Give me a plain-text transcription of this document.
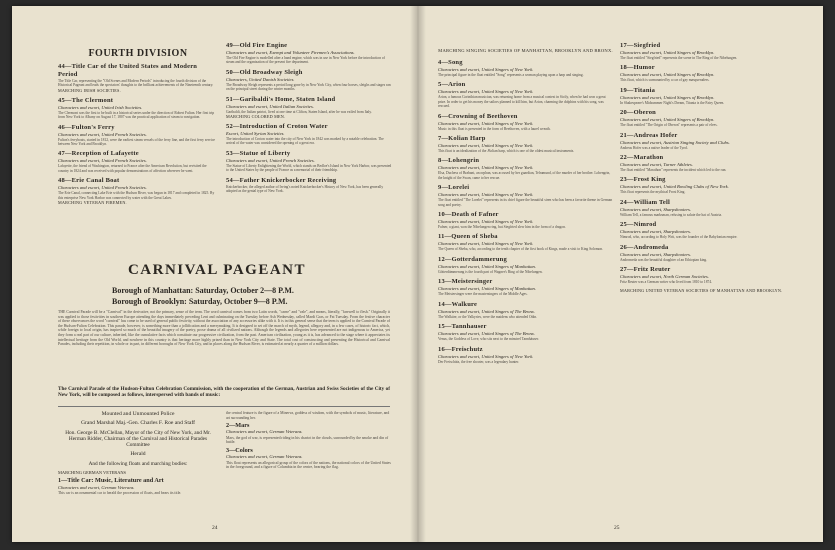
FOURTH DIVISION
44—Title Car of the United States and Modern Period
The Title Car, representing the "Old Scenes and Modern Periods" introducing the fourth division of the Historical Pageant and leads the spectators' thoughts to the brilliant achievements of the Nineteenth century.
MARCHING IRISH SOCIETIES.
45—The Clermont
Characters and escort, United Irish Societies.
The Clermont was the first to be built in a historical series under the direction of Robert Fulton. Her first trip from New York to Albany on August 17, 1807 was the practical application of steam to navigation.
46—Fulton's Ferry
Characters and escort, United French Societies.
Fulton's ferryboats, started in 1812, were the earliest steam vessels of the ferry line, and the first ferry service between New York and Brooklyn.
47—Reception of Lafayette
Characters and escort, United French Societies.
Lafayette, the friend of Washington, returned to France after the American Revolution, but revisited the country in 1824 and was received with popular demonstrations of affection wherever he went.
48—Erie Canal Boat
Characters and escort, United French Societies.
The Erie Canal, connecting Lake Erie with the Hudson River, was begun in 1817 and completed in 1825. By this enterprise New York Harbor was connected by water with the Great Lakes.
MARCHING VETERAN FIREMEN.
49—Old Fire Engine
Characters and escort, Exempt and Volunteer Firemen's Associations.
The Old Fire Engine is modelled after a hand engine, which was in use in New York before the introduction of steam and the organization of the present fire department.
50—Old Broadway Sleigh
Characters, United Danish Societies.
The Broadway Sleigh represents a period long gone by in New York City, when four horses, sleighs and stages ran on the principal street during the winter months.
51—Garibaldi's Home, Staten Island
Characters and escort, United Italian Societies.
Garibaldi, the Italian patriot, lived at one time at Clifton, Staten Island, after he was exiled from Italy.
MARCHING COLORED MEN.
52—Introduction of Croton Water
Escort, United Syrian Societies.
The introduction of Croton water into the city of New York in 1842 was marked by a notable celebration. The arrival of the water was considered the opening of a great era.
53—Statue of Liberty
Characters and escort, United French Societies.
The Statue of Liberty Enlightening the World, which stands on Bedloe's Island in New York Harbor, was presented to the United States by the people of France as a memorial of their friendship.
54—Father Knickerbocker Receiving
Knickerbocker, the alleged author of Irving's noted Knickerbocker's History of New York, has been generally adopted as the genial type of New York.
CARNIVAL PAGEANT
Borough of Manhattan: Saturday, October 2—8 P.M.
Borough of Brooklyn: Saturday, October 9—8 P.M.
THE Carnival Parade will be a "Carnival" in the derivative, not the primary, sense of the term. The word carnival comes from two Latin words, "carne" and "vale", and means, literally, "farewell to flesh." Originally it was applied to those festivities in southern Europe attending the days immediately preceding Lent and culminating on the Tuesday before Ash Wednesday, called Mardi Gras, or Fat Tuesday. From the festive character of these observances the word "carnival" has come to be used of general public festivity, without the association of any accessories alike with it. It is in this general sense that the term is applied to the Carnival Parade of the Hudson-Fulton Celebration. This parade, however, is something more than a jollification and a merrymaking. It is designed to set off the march of myth, legend, allegory and, in a few cases, of historic fact, which, while foreign to local origin, has inspired so much of the beautiful imagery of the poetry, prose drama of all civilized nations. Although the legends and allegories here represented are not indigenous to America, yet they form a real part of our culture, inherited, like the cumulative facts which constitute our progressive civilization, from the past. American civilization, young as it is, has advanced to the stage where it appreciates its intellectual heritage from the Old World, and nowhere in this country is that heritage more highly prized than in New York City and State. The total cost of constructing and presenting the Historical and Carnival Parades, including their repetition, in whole or in part, in different boroughs of New York City, and in places along the Hudson River, is estimated at nearly a quarter of a million dollars.
The Carnival Parade of the Hudson-Fulton Celebration Commission, with the cooperation of the German, Austrian and Swiss Societies of the City of New York, will be composed as follows, interspersed with bands of music:
Mounted and Unmounted Police
Grand Marshal Maj.-Gen. Charles F. Roe and Staff
Hon. George B. McClellan, Mayor of the City of New York, and Mr. Herman Ridder, Chairman of the Carnival and Historical Parades Committee
Herald
And the following floats and marching bodies:
MARCHING GERMAN VETERANS
1—Title Car: Music, Literature and Art
Characters and escort, German Veterans.
This car is an ornamental car to herald the procession of floats, and bears its title.
the central feature is the figure of a Minerva, goddess of wisdom, with the symbols of music, literature, and art surrounding her.
2—Mars
Characters and escort, German Veterans.
Mars, the god of war, is represented riding in his chariot in the clouds, surrounded by the smoke and din of battle.
3—Colors
Characters and escort, German Veterans.
This float represents an allegorical group of the colors of the nations, the national colors of the United States in the foreground, and a figure of Columbia in the centre, bearing the flag.
24
MARCHING SINGING SOCIETIES OF MANHATTAN, BROOKLYN AND BRONX.
4—Song
Characters and escort, United Singers of New York.
The principal figure in the float entitled "Song" represents a woman playing upon a harp and singing.
5—Arion
Characters and escort, United Singers of New York.
Arion, a famous Corinthian musician, was returning home from a musical contest in Sicily, when he had won a great prize. In order to get his money the sailors planned to kill him, but Arion, charming the dolphins with his song, was rescued.
6—Crowning of Beethoven
Characters and escort, United Singers of New York.
Music in this float is presented in the form of Beethoven, with a laurel wreath.
7—Kolian Harp
Characters and escort, United Singers of New York.
This float is an idealization of the Æolian harp, which is one of the oldest musical instruments.
8—Lohengrin
Characters and escort, United Singers of New York.
Elsa, Duchess of Brabant, an orphan, was accused by her guardian, Telramund, of the murder of her brother. Lohengrin, the knight of the Swan, came to her rescue.
9—Lorelei
Characters and escort, United Singers of New York.
The float entitled "The Lorelei" represents in its chief figure the beautiful siren who has been a favorite theme in German song and poetry.
10—Death of Fafner
Characters and escort, United Singers of New York.
Fafner, a giant, won the Nibelungen ring, but Siegfried slew him in the form of a dragon.
11—Queen of Sheba
Characters and escort, United Singers of New York.
The Queen of Sheba, who, according to the tenth chapter of the first book of Kings, made a visit to King Solomon.
12—Gotterdammerung
Characters and escort, United Singers of Manhattan.
Götterdämmerung is the fourth part of Wagner's Ring of the Nibelungen.
13—Meistersinger
Characters and escort, United Singers of Manhattan.
The Meistersinger were the mastersingers of the Middle Ages.
14—Walkure
Characters and escort, United Singers of The Bronx.
The Walküre, or the Valkyries, were the maidens who attended Odin.
15—Tannhauser
Characters and escort, United Singers of The Bronx.
Venus, the Goddess of Love, who sits next to the minstrel Tannhäuser.
16—Freischutz
Characters and escort, United Singers of New York.
Der Freischütz, the free shooter, was a legendary hunter.
17—Siegfried
Characters and escort, United Singers of Brooklyn.
The float entitled "Siegfried" represents the scene in The Ring of the Nibelungen.
18—Humor
Characters and escort, United Singers of Brooklyn.
This float, which is surmounted by a car of gay masqueraders.
19—Titania
Characters and escort, United Singers of Brooklyn.
In Shakespeare's Midsummer Night's Dream, Titania is the Fairy Queen.
20—Oberon
Characters and escort, United Singers of Brooklyn.
The float entitled "The Origin of Oberon" represents a pair of elves.
21—Andreas Hofer
Characters and escort, Austrian Singing Society and Clubs.
Andreas Hofer was a native leader of the Tyrol.
22—Marathon
Characters and escort, Turner Athletes.
The float entitled "Marathon" represents the incident which led to the run.
23—Frost King
Characters and escort, United Bowling Clubs of New York.
This float represents the mythical Frost King.
24—William Tell
Characters and escort, Sharpshooters.
William Tell, a famous marksman, refusing to salute the hat of Austria.
25—Nimrod
Characters and escort, Sharpshooters.
Nimrod, who, according to Holy Writ, was the founder of the Babylonian empire.
26—Andromeda
Characters and escort, Sharpshooters.
Andromeda was the beautiful daughter of an Ethiopian king.
27—Fritz Reuter
Characters and escort, North German Societies.
Fritz Reuter was a German writer who lived from 1810 to 1874.
MARCHING UNITED VETERAN SOCIETIES OF MANHATTAN AND BROOKLYN.
25
